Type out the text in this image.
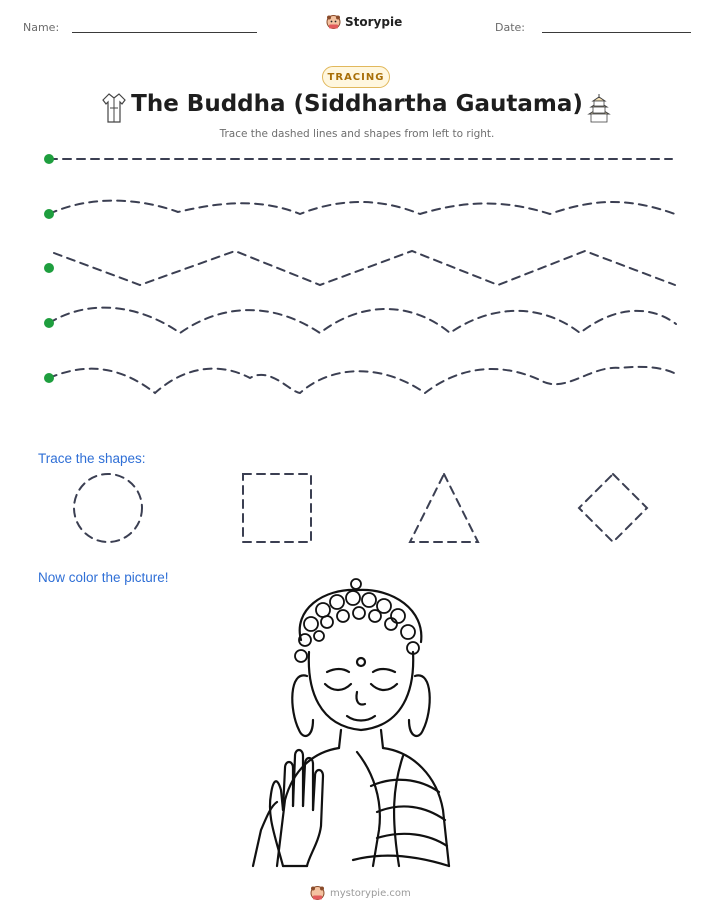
Name:	Storypie	Date:
TRACING
The Buddha (Siddhartha Gautama)
Trace the dashed lines and shapes from left to right.
Trace the shapes:
Now color the picture!
mystorypie.com
